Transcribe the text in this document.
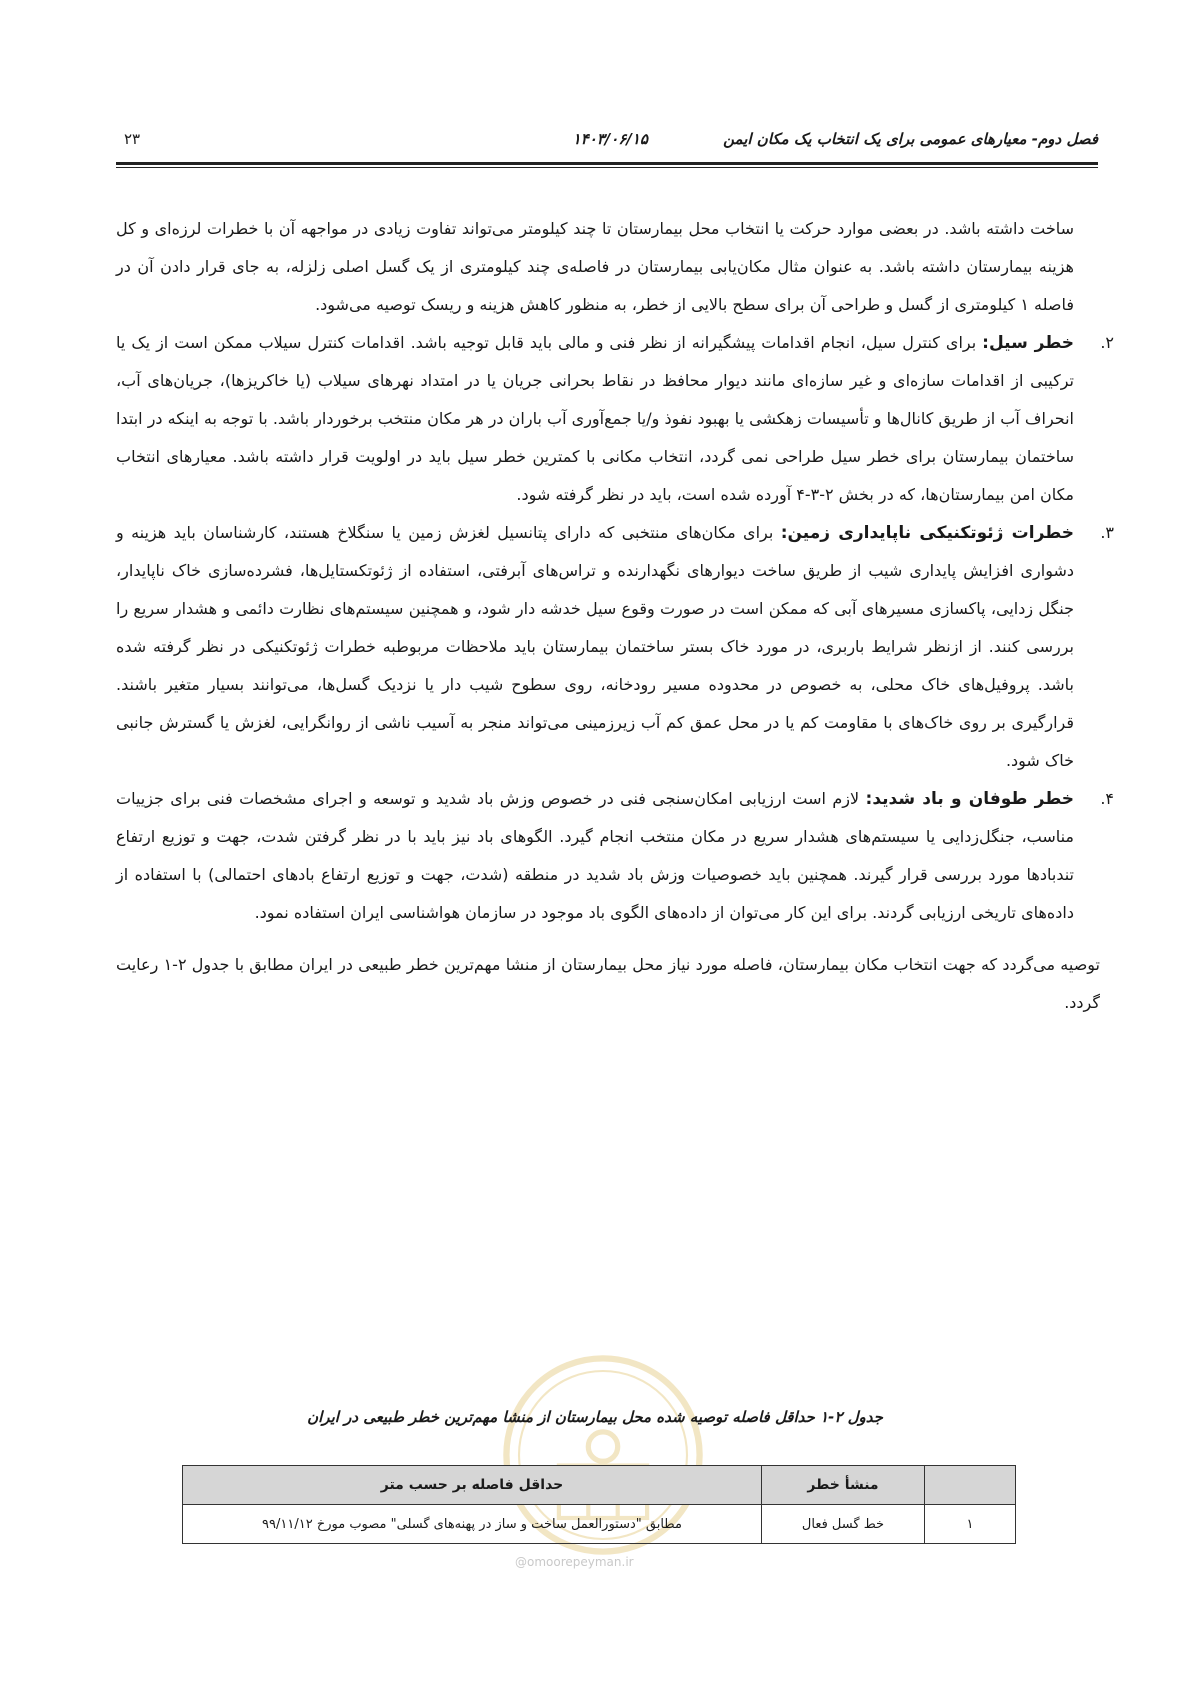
فصل دوم- معیارهای عمومی برای یک انتخاب یک مکان ایمن
۱۴۰۳/۰۶/۱۵
۲۳

ساخت داشته باشد. در بعضی موارد حرکت یا انتخاب محل بیمارستان تا چند کیلومتر می‌تواند تفاوت زیادی در مواجهه آن با خطرات لرزه‌ای و کل هزینه بیمارستان داشته باشد. به عنوان مثال مکان‌یابی بیمارستان در فاصله‌ی چند کیلومتری از یک گسل اصلی زلزله، به جای قرار دادن آن در فاصله ۱ کیلومتری از گسل و طراحی آن برای سطح بالایی از خطر، به منظور کاهش هزینه و ریسک توصیه می‌شود.

۲.
خطر سیل: برای کنترل سیل، انجام اقدامات پیشگیرانه از نظر فنی و مالی باید قابل توجیه باشد. اقدامات کنترل سیلاب ممکن است از یک یا ترکیبی از اقدامات سازه‌ای و غیر سازه‌ای مانند دیوار محافظ در نقاط بحرانی جریان یا در امتداد نهرهای سیلاب (یا خاکریزها)، جریان‌های آب، انحراف آب از طریق کانال‌ها و تأسیسات زهکشی یا بهبود نفوذ و/یا جمع‌آوری آب باران در هر مکان منتخب برخوردار باشد. با توجه به اینکه در ابتدا ساختمان بیمارستان برای خطر سیل طراحی نمی گردد، انتخاب مکانی با کمترین خطر سیل باید در اولویت قرار داشته باشد. معیارهای انتخاب مکان امن بیمارستان‌ها، که در بخش ۲-۳-۴ آورده شده است، باید در نظر گرفته شود.
۳.
خطرات ژئوتکنیکی ناپایداری زمین: برای مکان‌های منتخبی که دارای پتانسیل لغزش زمین یا سنگلاخ هستند، کارشناسان باید هزینه و دشواری افزایش پایداری شیب از طریق ساخت دیوارهای نگهدارنده و تراس‌های آبرفتی، استفاده از ژئوتکستایل‌ها، فشرده‌سازی خاک ناپایدار، جنگل زدایی، پاکسازی مسیرهای آبی که ممکن است در صورت وقوع سیل خدشه دار شود، و همچنین سیستم‌های نظارت دائمی و هشدار سریع را بررسی کنند. از ازنظر شرایط باربری، در مورد خاک بستر ساختمان بیمارستان باید ملاحظات مربوطبه خطرات ژئوتکنیکی در نظر گرفته شده باشد. پروفیل‌های خاک محلی، به خصوص در محدوده مسیر رودخانه، روی سطوح شیب دار یا نزدیک گسل‌ها، می‌توانند بسیار متغیر باشند. قرارگیری بر روی خاک‌های با مقاومت کم یا در محل عمق کم آب زیرزمینی می‌تواند منجر به آسیب ناشی از روانگرایی، لغزش یا گسترش جانبی خاک شود.
۴.
خطر طوفان و باد شدید: لازم است ارزیابی امکان‌سنجی فنی در خصوص وزش باد شدید و توسعه و اجرای مشخصات فنی برای جزییات مناسب، جنگل‌زدایی یا سیستم‌های هشدار سریع در مکان منتخب انجام گیرد. الگوهای باد نیز باید با در نظر گرفتن شدت، جهت و توزیع ارتفاع تندبادها مورد بررسی قرار گیرند. همچنین باید خصوصیات وزش باد شدید در منطقه (شدت، جهت و توزیع ارتفاع بادهای احتمالی) با استفاده از داده‌های تاریخی ارزیابی گردند. برای این کار می‌توان از داده‌های الگوی باد موجود در سازمان هواشناسی ایران استفاده نمود.

توصیه می‌گردد که جهت انتخاب مکان بیمارستان، فاصله مورد نیاز محل بیمارستان از منشا مهم‌ترین خطر طبیعی در ایران مطابق با جدول ۲-۱ رعایت گردد.

جدول ۲-۱ حداقل فاصله توصیه شده محل بیمارستان از منشا مهم‌ترین خطر طبیعی در ایران
	منشأ خطر	حداقل فاصله بر حسب متر
۱	خط گسل فعال	مطابق "دستورالعمل ساخت و ساز در پهنه‌های گسلی" مصوب مورخ ۹۹/۱۱/۱۲
@omoorepeyman.ir
